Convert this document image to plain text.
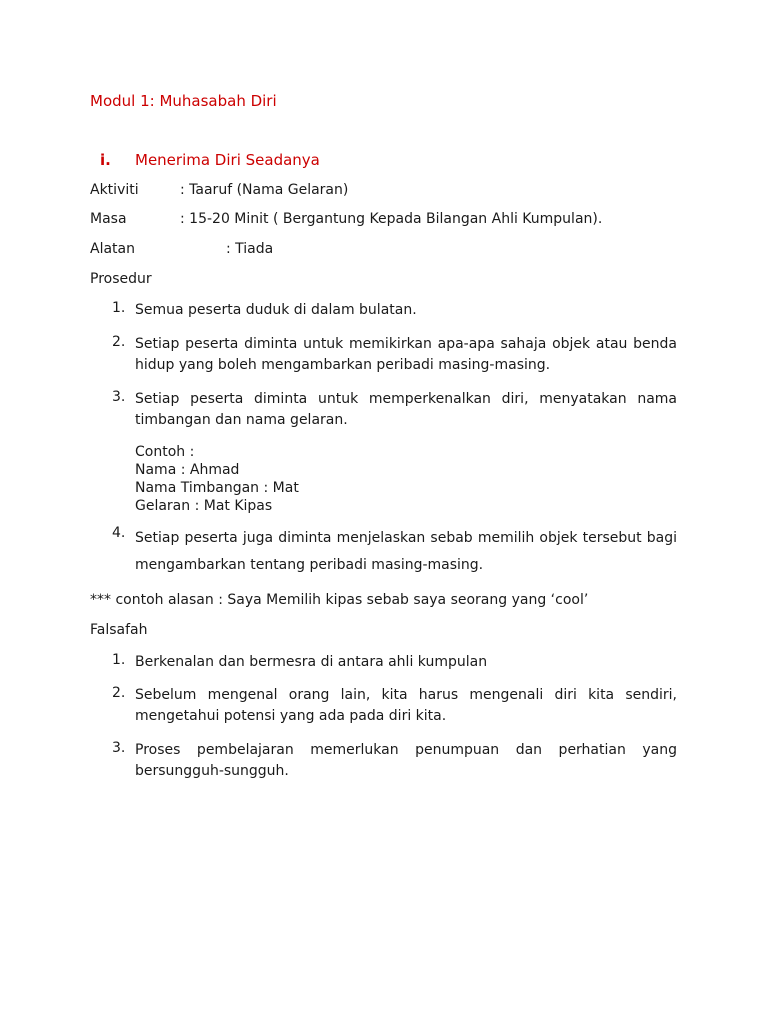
Modul 1: Muhasabah Diri
i. Menerima Diri Seadanya
Aktiviti	: Taaruf (Nama Gelaran)
Masa	: 15-20 Minit ( Bergantung Kepada Bilangan Ahli Kumpulan).
Alatan	: Tiada
Prosedur
1. Semua peserta duduk di dalam bulatan.
2. Setiap peserta diminta untuk memikirkan apa-apa sahaja objek atau benda hidup yang boleh mengambarkan peribadi masing-masing.
3. Setiap peserta diminta untuk memperkenalkan diri, menyatakan nama timbangan dan nama gelaran.
Contoh :
Nama : Ahmad
Nama Timbangan : Mat
Gelaran : Mat Kipas
4. Setiap peserta juga diminta menjelaskan sebab memilih objek tersebut bagi mengambarkan tentang peribadi masing-masing.
*** contoh alasan : Saya Memilih kipas sebab saya seorang yang ‘cool’
Falsafah
1. Berkenalan dan bermesra di antara ahli kumpulan
2. Sebelum mengenal orang lain, kita harus mengenali diri kita sendiri, mengetahui potensi yang ada pada diri kita.
3. Proses pembelajaran memerlukan penumpuan dan perhatian yang bersungguh-sungguh.
